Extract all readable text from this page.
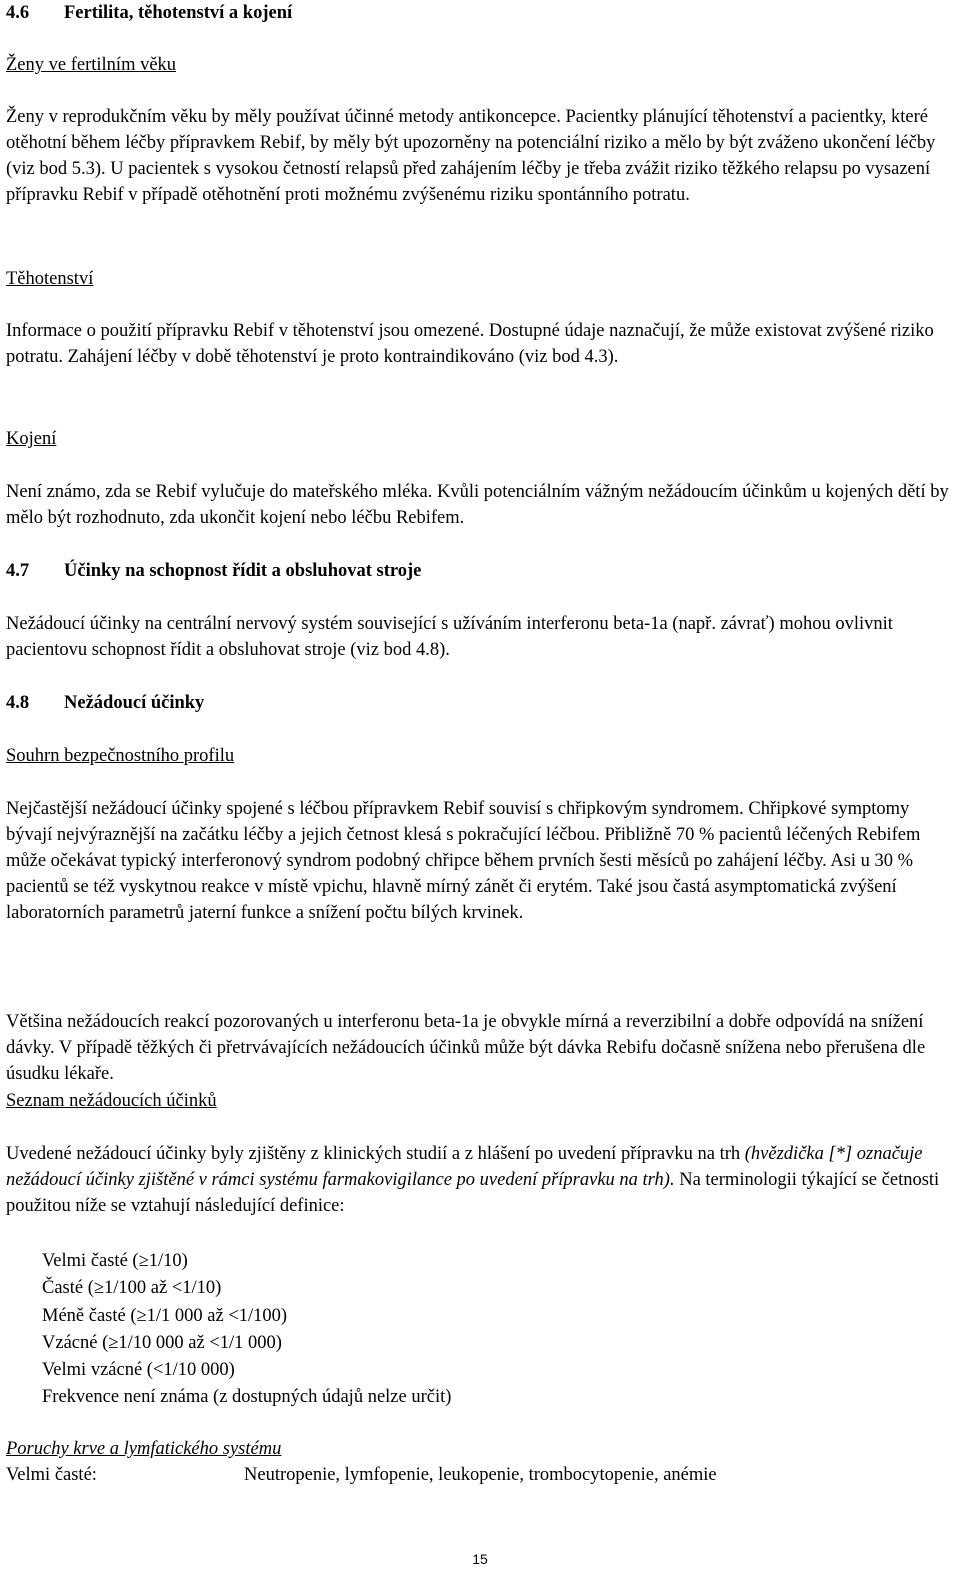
4.6 Fertilita, těhotenství a kojení
Ženy ve fertilním věku

Ženy v reprodukčním věku by měly používat účinné metody antikoncepce. Pacientky plánující těhotenství a pacientky, které otěhotní během léčby přípravkem Rebif, by měly být upozorněny na potenciální riziko a mělo by být zváženo ukončení léčby (viz bod 5.3). U pacientek s vysokou četností relapsů před zahájením léčby je třeba zvážit riziko těžkého relapsu po vysazení přípravku Rebif v případě otěhotnění proti možnému zvýšenému riziku spontánního potratu.

Těhotenství

Informace o použití přípravku Rebif v těhotenství jsou omezené. Dostupné údaje naznačují, že může existovat zvýšené riziko potratu. Zahájení léčby v době těhotenství je proto kontraindikováno (viz bod 4.3).

Kojení

Není známo, zda se Rebif vylučuje do mateřského mléka. Kvůli potenciálním vážným nežádoucím účinkům u kojených dětí by mělo být rozhodnuto, zda ukončit kojení nebo léčbu Rebifem.

4.7 Účinky na schopnost řídit a obsluhovat stroje

Nežádoucí účinky na centrální nervový systém související s užíváním interferonu beta-1a (např. závrať) mohou ovlivnit pacientovu schopnost řídit a obsluhovat stroje (viz bod 4.8).

4.8 Nežádoucí účinky
Souhrn bezpečnostního profilu

Nejčastější nežádoucí účinky spojené s léčbou přípravkem Rebif souvisí s chřipkovým syndromem. Chřipkové symptomy bývají nejvýraznější na začátku léčby a jejich četnost klesá s pokračující léčbou. Přibližně 70 % pacientů léčených Rebifem může očekávat typický interferonový syndrom podobný chřipce během prvních šesti měsíců po zahájení léčby. Asi u 30 % pacientů se též vyskytnou reakce v místě vpichu, hlavně mírný zánět či erytém. Také jsou častá asymptomatická zvýšení laboratorních parametrů jaterní funkce a snížení počtu bílých krvinek.

Většina nežádoucích reakcí pozorovaných u interferonu beta-1a je obvykle mírná a reverzibilní a dobře odpovídá na snížení dávky. V případě těžkých či přetrvávajících nežádoucích účinků může být dávka Rebifu dočasně snížena nebo přerušena dle úsudku lékaře.

Seznam nežádoucích účinků

Uvedené nežádoucí účinky byly zjištěny z klinických studií a z hlášení po uvedení přípravku na trh (hvězdička [*] označuje nežádoucí účinky zjištěné v rámci systému farmakovigilance po uvedení přípravku na trh). Na terminologii týkající se četnosti použitou níže se vztahují následující definice:

Velmi časté (≥1/10)
Časté (≥1/100 až <1/10)
Méně časté (≥1/1 000 až <1/100)
Vzácné (≥1/10 000 až <1/1 000)
Velmi vzácné (<1/10 000)
Frekvence není známa (z dostupných údajů nelze určit)
Poruchy krve a lymfatického systému
Velmi časté:	Neutropenie, lymfopenie, leukopenie, trombocytopenie, anémie
15
